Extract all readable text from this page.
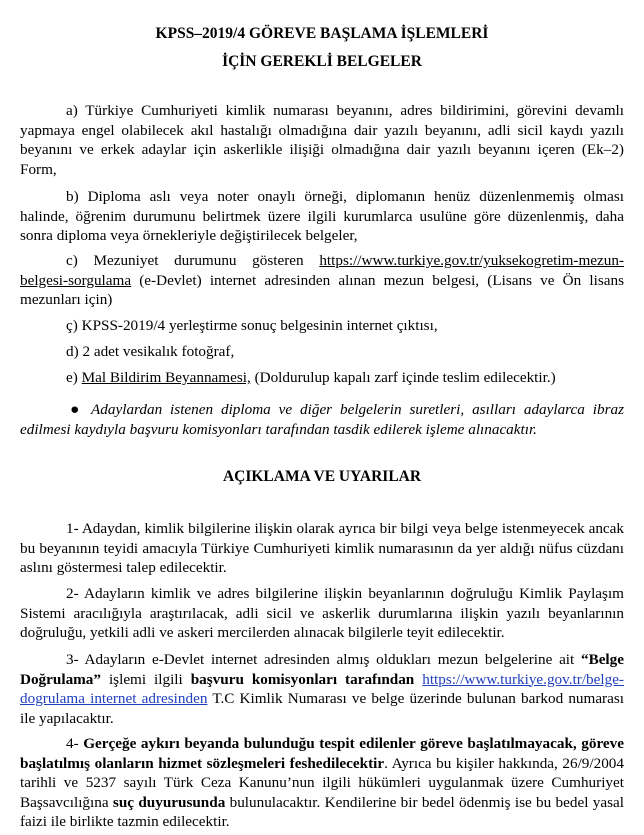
KPSS–2019/4 GÖREVE BAŞLAMA İŞLEMLERİ
İÇİN GEREKLİ BELGELER
a) Türkiye Cumhuriyeti kimlik numarası beyanını, adres bildirimini, görevini devamlı yapmaya engel olabilecek akıl hastalığı olmadığına dair yazılı beyanını, adli sicil kaydı yazılı beyanını ve erkek adaylar için askerlikle ilişiği olmadığına dair yazılı beyanını içeren (Ek–2) Form,
b) Diploma aslı veya noter onaylı örneği, diplomanın henüz düzenlenmemiş olması halinde, öğrenim durumunu belirtmek üzere ilgili kurumlarca usulüne göre düzenlenmiş, daha sonra diploma veya örnekleriyle değiştirilecek belgeler,
c) Mezuniyet durumunu gösteren https://www.turkiye.gov.tr/yuksekogretim-mezun-belgesi-sorgulama (e-Devlet) internet adresinden alınan mezun belgesi, (Lisans ve Ön lisans mezunları için)
ç) KPSS-2019/4 yerleştirme sonuç belgesinin internet çıktısı,
d) 2 adet vesikalık fotoğraf,
e) Mal Bildirim Beyannamesi, (Doldurulup kapalı zarf içinde teslim edilecektir.)
● Adaylardan istenen diploma ve diğer belgelerin suretleri, asılları adaylarca ibraz edilmesi kaydıyla başvuru komisyonları tarafından tasdik edilerek işleme alınacaktır.
AÇIKLAMA VE UYARILAR
1- Adaydan, kimlik bilgilerine ilişkin olarak ayrıca bir bilgi veya belge istenmeyecek ancak bu beyanının teyidi amacıyla Türkiye Cumhuriyeti kimlik numarasının da yer aldığı nüfus cüzdanı aslını göstermesi talep edilecektir.
2- Adayların kimlik ve adres bilgilerine ilişkin beyanlarının doğruluğu Kimlik Paylaşım Sistemi aracılığıyla araştırılacak, adli sicil ve askerlik durumlarına ilişkin yazılı beyanlarının doğruluğu, yetkili adli ve askeri mercilerden alınacak bilgilerle teyit edilecektir.
3- Adayların e-Devlet internet adresinden almış oldukları mezun belgelerine ait “Belge Doğrulama” işlemi ilgili başvuru komisyonları tarafından https://www.turkiye.gov.tr/belge-dogrulama internet adresinden T.C Kimlik Numarası ve belge üzerinde bulunan barkod numarası ile yapılacaktır.
4- Gerçeğe aykırı beyanda bulunduğu tespit edilenler göreve başlatılmayacak, göreve başlatılmış olanların hizmet sözleşmeleri feshedilecektir. Ayrıca bu kişiler hakkında, 26/9/2004 tarihli ve 5237 sayılı Türk Ceza Kanunu’nun ilgili hükümleri uygulanmak üzere Cumhuriyet Başsavcılığına suç duyurusunda bulunulacaktır. Kendilerine bir bedel ödenmiş ise bu bedel yasal faizi ile birlikte tazmin edilecektir.
